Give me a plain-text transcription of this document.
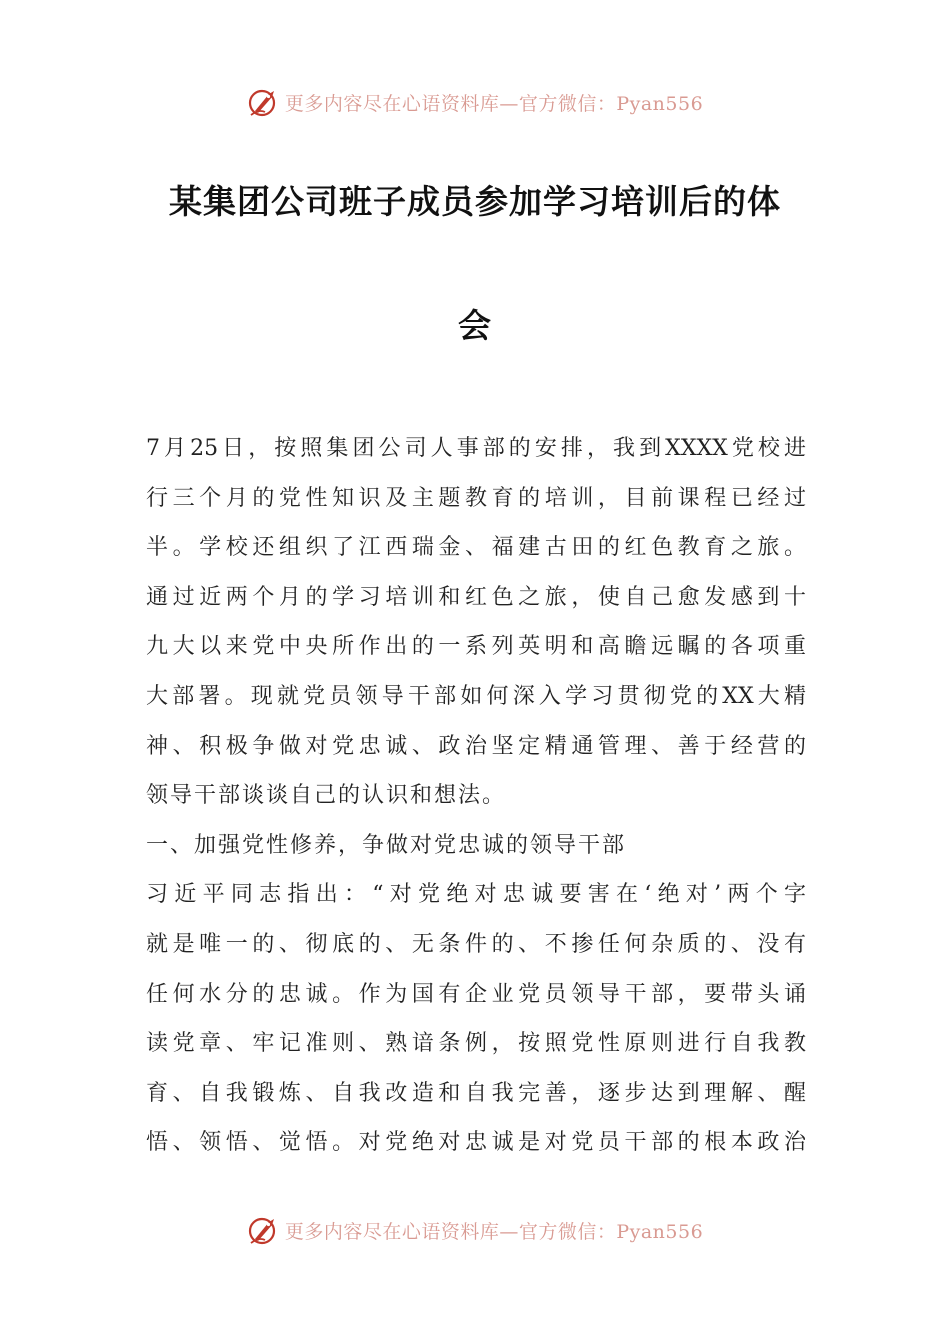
更多内容尽在心语资料库—官方微信：Pyan556
某集团公司班子成员参加学习培训后的体
会
7月25日，按照集团公司人事部的安排，我到XXXX党校进
行三个月的党性知识及主题教育的培训，目前课程已经过
半。学校还组织了江西瑞金、福建古田的红色教育之旅。
通过近两个月的学习培训和红色之旅，使自己愈发感到十
九大以来党中央所作出的一系列英明和高瞻远瞩的各项重
大部署。现就党员领导干部如何深入学习贯彻党的XX大精
神、积极争做对党忠诚、政治坚定精通管理、善于经营的
领导干部谈谈自己的认识和想法。
一、加强党性修养，争做对党忠诚的领导干部
习近平同志指出：“对党绝对忠诚要害在‘绝对’两个字
就是唯一的、彻底的、无条件的、不掺任何杂质的、没有
任何水分的忠诚。作为国有企业党员领导干部，要带头诵
读党章、牢记准则、熟谙条例，按照党性原则进行自我教
育、自我锻炼、自我改造和自我完善，逐步达到理解、醒
悟、领悟、觉悟。对党绝对忠诚是对党员干部的根本政治
更多内容尽在心语资料库—官方微信：Pyan556
